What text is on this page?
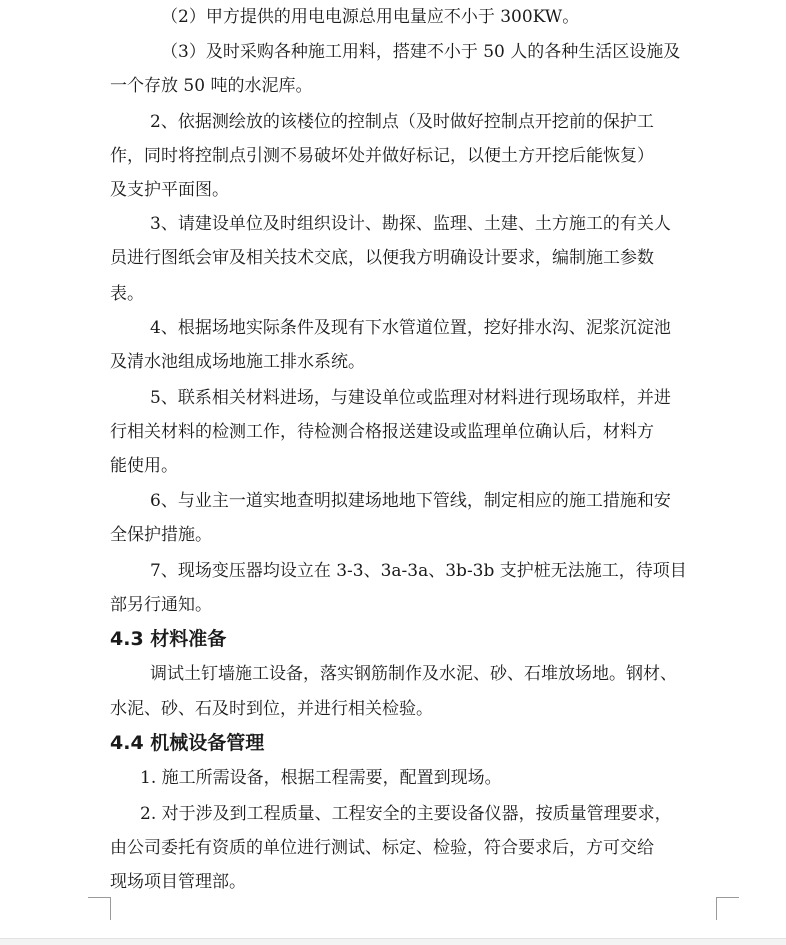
（2）甲方提供的用电电源总用电量应不小于 300KW。
（3）及时采购各种施工用料，搭建不小于 50 人的各种生活区设施及
一个存放 50 吨的水泥库。
2、依据测绘放的该楼位的控制点（及时做好控制点开挖前的保护工
作，同时将控制点引测不易破坏处并做好标记，以便土方开挖后能恢复）
及支护平面图。
3、请建设单位及时组织设计、勘探、监理、土建、土方施工的有关人
员进行图纸会审及相关技术交底，以便我方明确设计要求，编制施工参数
表。
4、根据场地实际条件及现有下水管道位置，挖好排水沟、泥浆沉淀池
及清水池组成场地施工排水系统。
5、联系相关材料进场，与建设单位或监理对材料进行现场取样，并进
行相关材料的检测工作，待检测合格报送建设或监理单位确认后，材料方
能使用。
6、与业主一道实地查明拟建场地地下管线，制定相应的施工措施和安
全保护措施。
7、现场变压器均设立在 3-3、3a-3a、3b-3b 支护桩无法施工，待项目
部另行通知。
4.3 材料准备
调试土钉墙施工设备，落实钢筋制作及水泥、砂、石堆放场地。钢材、
水泥、砂、石及时到位，并进行相关检验。
4.4 机械设备管理
1. 施工所需设备，根据工程需要，配置到现场。
2. 对于涉及到工程质量、工程安全的主要设备仪器，按质量管理要求，
由公司委托有资质的单位进行测试、标定、检验，符合要求后，方可交给
现场项目管理部。
